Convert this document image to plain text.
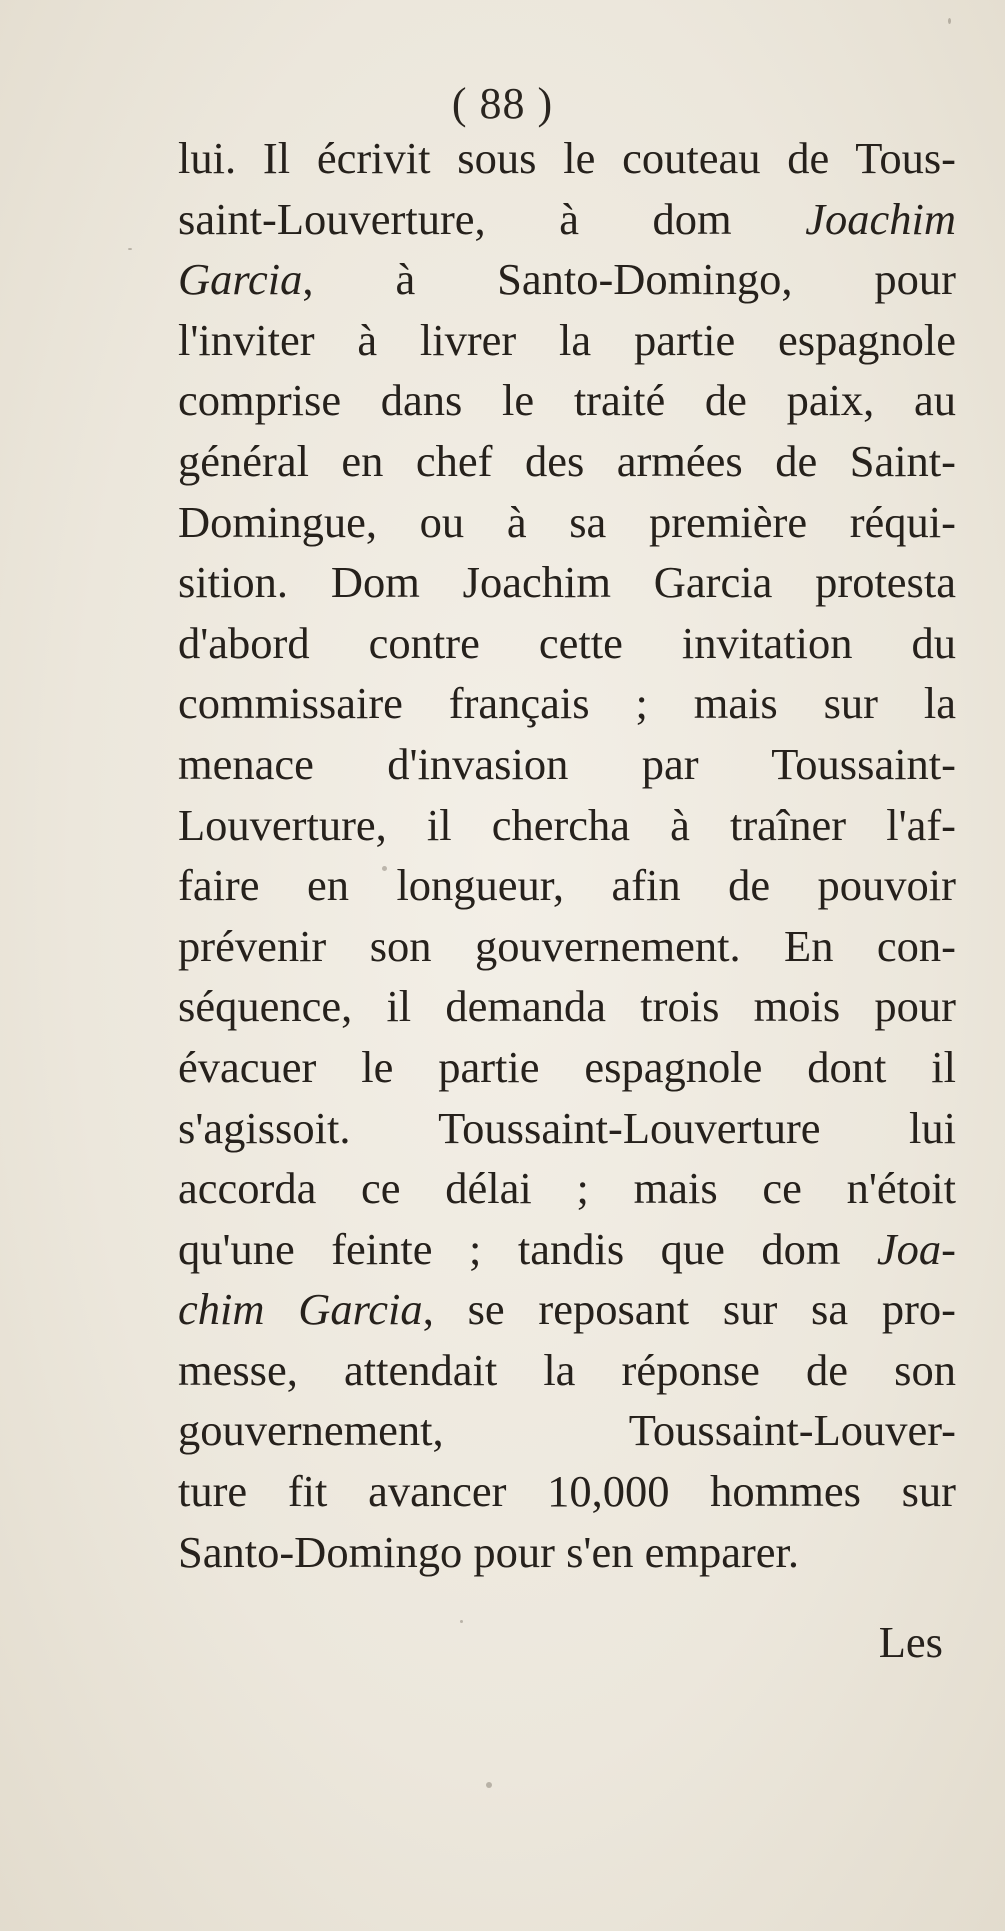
( 88 )
lui. Il écrivit sous le couteau de Tous-
saint-Louverture, à dom Joachim
Garcia, à Santo-Domingo, pour
l'inviter à livrer la partie espagnole
comprise dans le traité de paix, au
général en chef des armées de Saint-
Domingue, ou à sa première réqui-
sition. Dom Joachim Garcia protesta
d'abord contre cette invitation du
commissaire français ; mais sur la
menace d'invasion par Toussaint-
Louverture, il chercha à traîner l'af-
faire en longueur, afin de pouvoir
prévenir son gouvernement. En con-
séquence, il demanda trois mois pour
évacuer le partie espagnole dont il
s'agissoit. Toussaint-Louverture lui
accorda ce délai ; mais ce n'étoit
qu'une feinte ; tandis que dom Joa-
chim Garcia, se reposant sur sa pro-
messe, attendait la réponse de son
gouvernement, Toussaint-Louver-
ture fit avancer 10,000 hommes sur
Santo-Domingo pour s'en emparer.
Les
